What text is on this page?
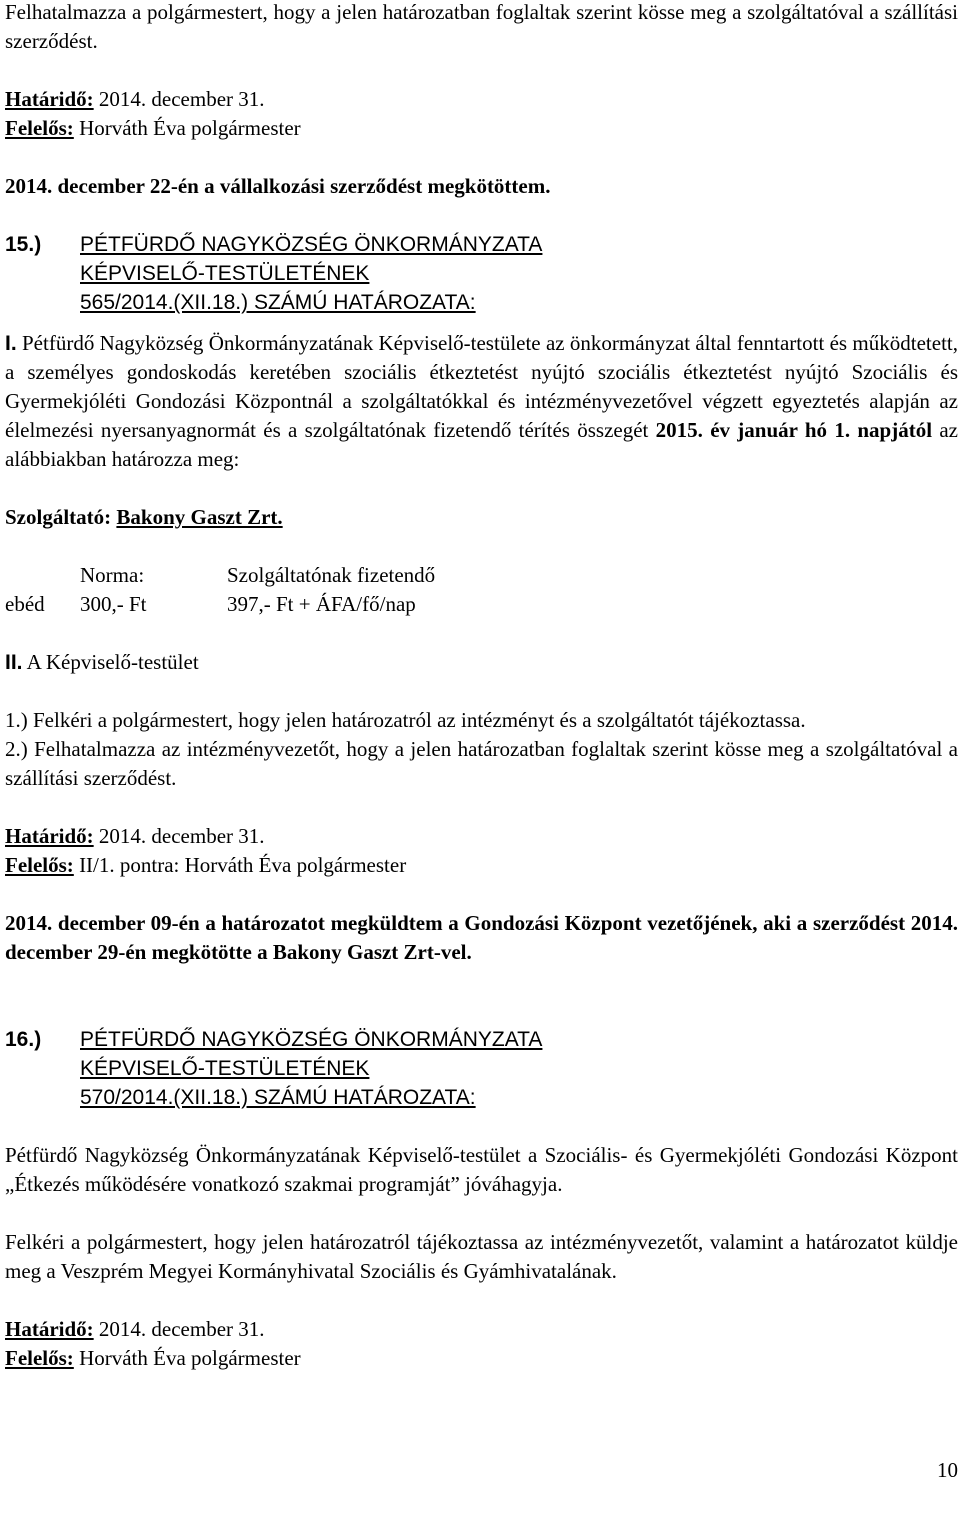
Felhatalmazza a polgármestert, hogy a jelen határozatban foglaltak szerint kösse meg a szolgáltatóval a szállítási szerződést.

Határidő: 2014. december 31.

Felelős: Horváth Éva polgármester

2014. december 22-én a vállalkozási szerződést megkötöttem.

15.) PÉTFÜRDŐ NAGYKÖZSÉG ÖNKORMÁNYZATA
KÉPVISELŐ-TESTÜLETÉNEK
565/2014.(XII.18.) SZÁMÚ HATÁROZATA:

I. Pétfürdő Nagyközség Önkormányzatának Képviselő-testülete az önkormányzat által fenntartott és működtetett, a személyes gondoskodás keretében szociális étkeztetést nyújtó szociális étkeztetést nyújtó Szociális és Gyermekjóléti Gondozási Központnál a szolgáltatókkal és intézményvezetővel végzett egyeztetés alapján az élelmezési nyersanyagnormát és a szolgáltatónak fizetendő térítés összegét 2015. év január hó 1. napjától az alábbiakban határozza meg:

Szolgáltató: Bakony Gaszt Zrt.

Norma:	Szolgáltatónak fizetendő
ebéd 300,- Ft	397,- Ft + ÁFA/fő/nap

II. A Képviselő-testület

1.) Felkéri a polgármestert, hogy jelen határozatról az intézményt és a szolgáltatót tájékoztassa.

2.) Felhatalmazza az intézményvezetőt, hogy a jelen határozatban foglaltak szerint kösse meg a szolgáltatóval a szállítási szerződést.

Határidő: 2014. december 31.

Felelős: II/1. pontra: Horváth Éva polgármester

2014. december 09-én a határozatot megküldtem a Gondozási Központ vezetőjének, aki a szerződést 2014. december 29-én megkötötte a Bakony Gaszt Zrt-vel.

16.) PÉTFÜRDŐ NAGYKÖZSÉG ÖNKORMÁNYZATA
KÉPVISELŐ-TESTÜLETÉNEK
570/2014.(XII.18.) SZÁMÚ HATÁROZATA:

Pétfürdő Nagyközség Önkormányzatának Képviselő-testület a Szociális- és Gyermekjóléti Gondozási Központ „Étkezés működésére vonatkozó szakmai programját” jóváhagyja.

Felkéri a polgármestert, hogy jelen határozatról tájékoztassa az intézményvezetőt, valamint a határozatot küldje meg a Veszprém Megyei Kormányhivatal Szociális és Gyámhivatalának.

Határidő: 2014. december 31.

Felelős: Horváth Éva polgármester

10
